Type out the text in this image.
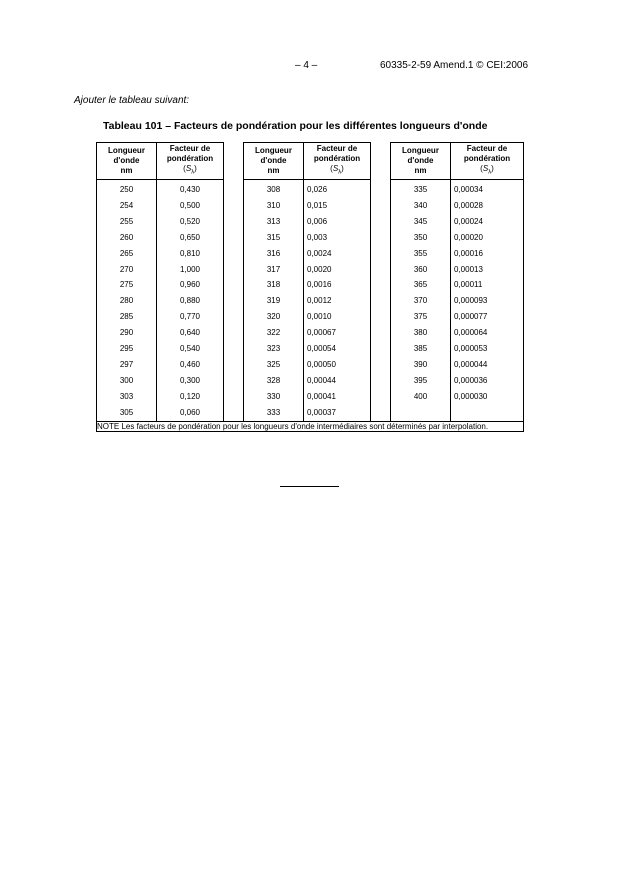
– 4 –	60335-2-59 Amend.1 © CEI:2006
Ajouter le tableau suivant:
Tableau 101 – Facteurs de pondération pour les différentes longueurs d'onde
Longueur
d'onde
nm	Facteur de
pondération
$(S_\lambda)$		Longueur
d'onde
nm	Facteur de
pondération
$(S_\lambda)$		Longueur
d'onde
nm	Facteur de
pondération
$(S_\lambda)$

250	0,430		308	0,026		335	0,00034
254	0,500		310	0,015		340	0,00028
255	0,520		313	0,006		345	0,00024
260	0,650		315	0,003		350	0,00020
265	0,810		316	0,0024		355	0,00016
270	1,000		317	0,0020		360	0,00013
275	0,960		318	0,0016		365	0,00011
280	0,880		319	0,0012		370	0,000093
285	0,770		320	0,0010		375	0,000077
290	0,640		322	0,00067		380	0,000064
295	0,540		323	0,00054		385	0,000053
297	0,460		325	0,00050		390	0,000044
300	0,300		328	0,00044		395	0,000036
303	0,120		330	0,00041		400	0,000030
305	0,060		333	0,00037			
NOTE Les facteurs de pondération pour les longueurs d'onde intermédiaires sont déterminés par interpolation.							
